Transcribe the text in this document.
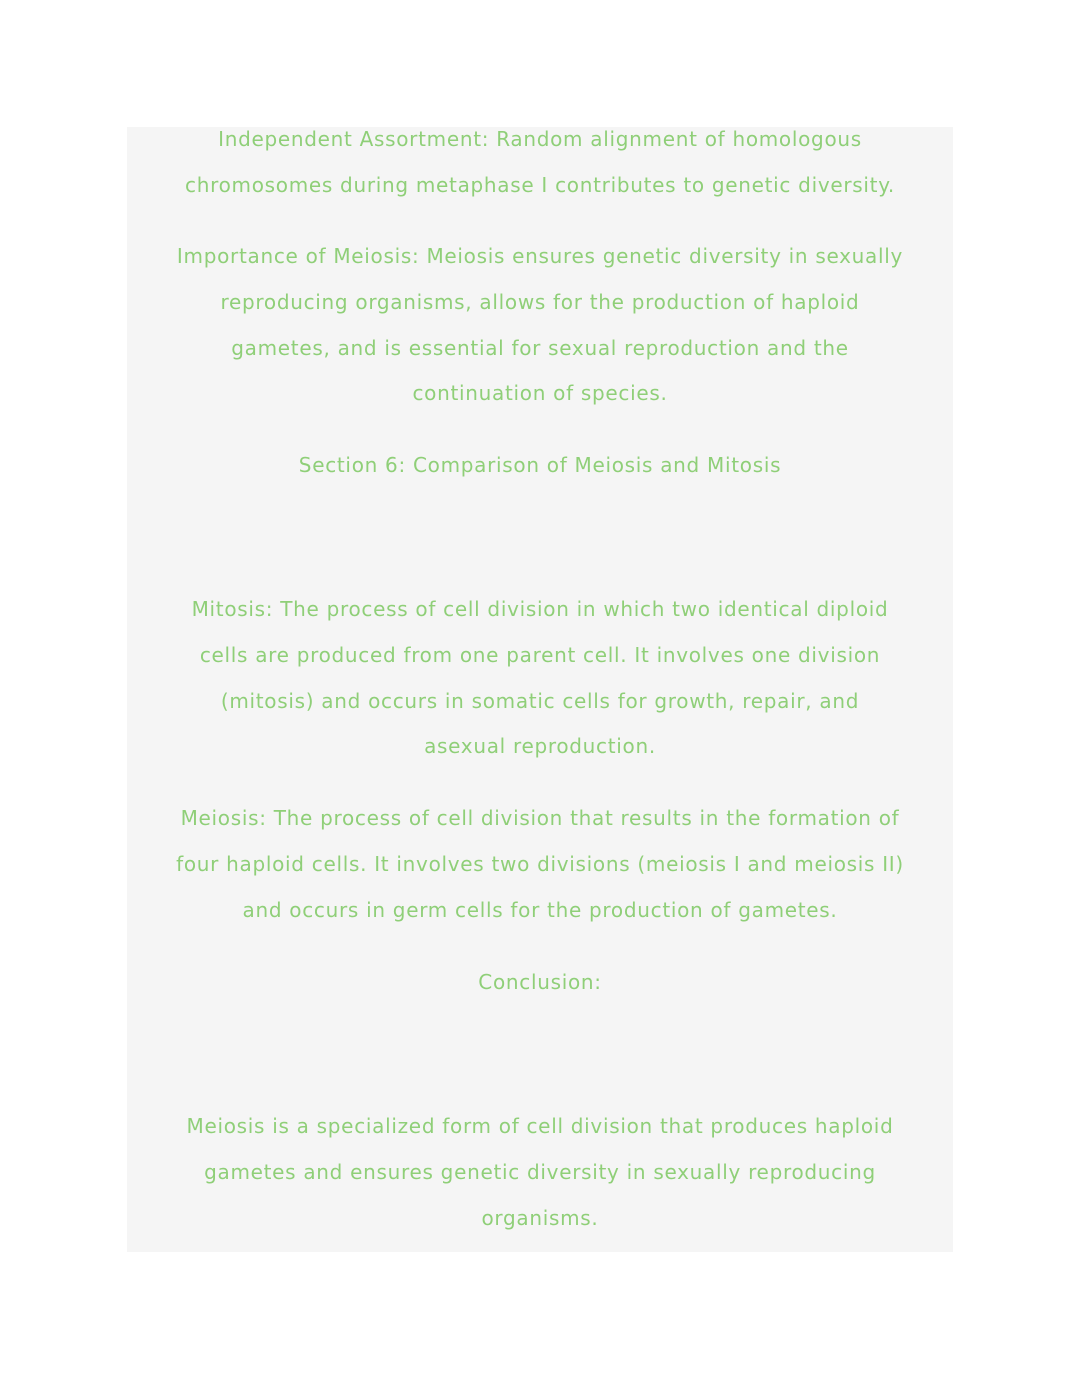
Independent Assortment: Random alignment of homologous
chromosomes during metaphase I contributes to genetic diversity.

Importance of Meiosis: Meiosis ensures genetic diversity in sexually
reproducing organisms, allows for the production of haploid
gametes, and is essential for sexual reproduction and the
continuation of species.

Section 6: Comparison of Meiosis and Mitosis

Mitosis: The process of cell division in which two identical diploid
cells are produced from one parent cell. It involves one division
(mitosis) and occurs in somatic cells for growth, repair, and
asexual reproduction.

Meiosis: The process of cell division that results in the formation of
four haploid cells. It involves two divisions (meiosis I and meiosis II)
and occurs in germ cells for the production of gametes.

Conclusion:

Meiosis is a specialized form of cell division that produces haploid
gametes and ensures genetic diversity in sexually reproducing
organisms.
